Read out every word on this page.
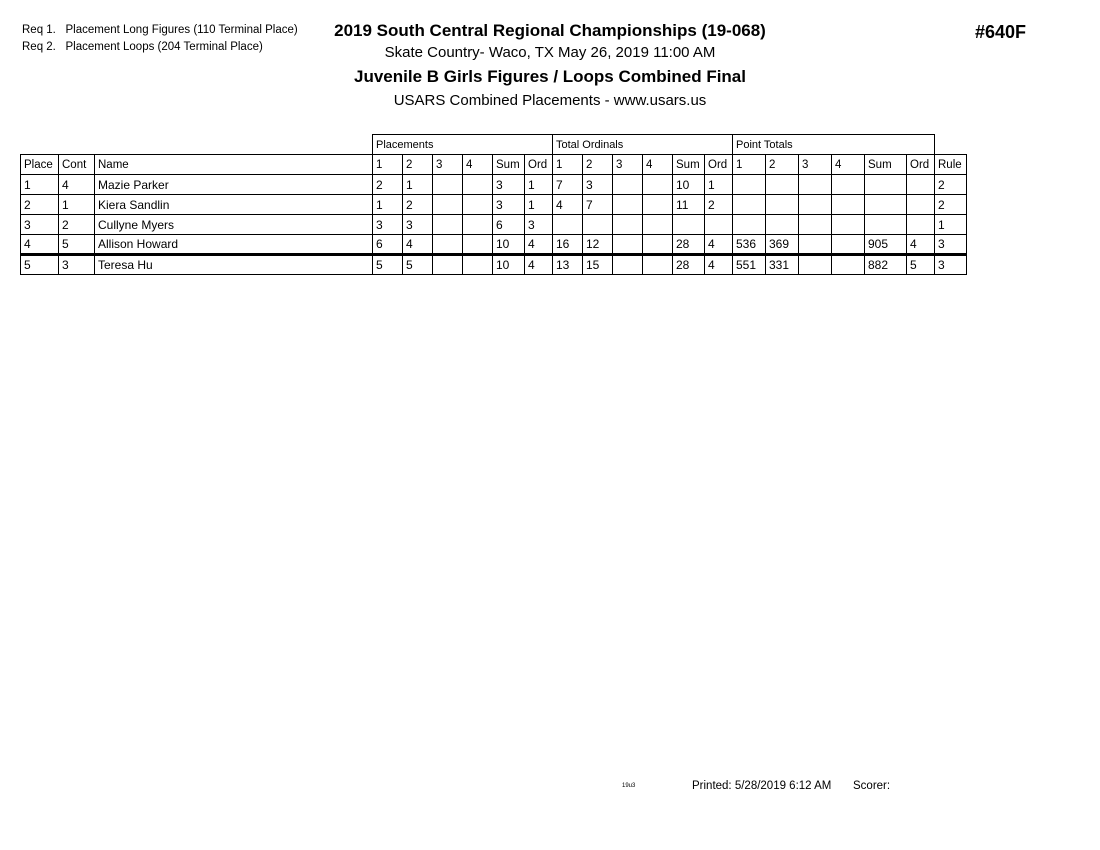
Req 1. Placement Long Figures (110 Terminal Place)
Req 2. Placement Loops (204 Terminal Place)
2019 South Central Regional Championships (19-068)
Skate Country- Waco, TX May 26, 2019 11:00 AM
Juvenile B Girls Figures / Loops Combined Final
USARS Combined Placements - www.usars.us
#640F
			Placements						Total Ordinals						Point Totals						
Place	Cont	Name	1	2	3	4	Sum	Ord	1	2	3	4	Sum	Ord	1	2	3	4	Sum	Ord	Rule
1	4	Mazie Parker	2	1			3	1	7	3			10	1							2
2	1	Kiera Sandlin	1	2			3	1	4	7			11	2							2
3	2	Cullyne Myers	3	3			6	3													1
4	5	Allison Howard	6	4			10	4	16	12			28	4	536	369			905	4	3
5	3	Teresa Hu	5	5			10	4	13	15			28	4	551	331			882	5	3
19u3	Printed: 5/28/2019 6:12 AM Scorer:
